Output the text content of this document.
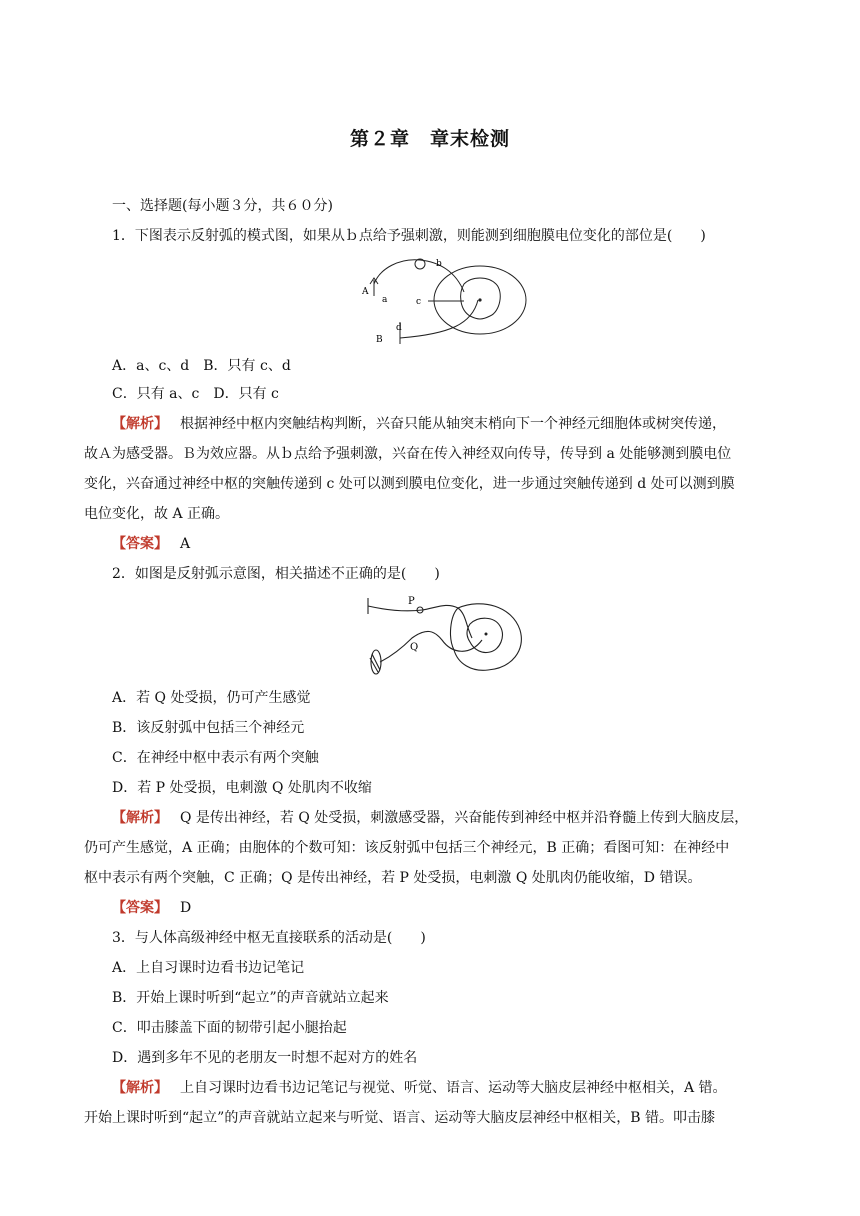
第２章　章末检测
一、选择题(每小题３分，共６０分)
1．下图表示反射弧的模式图，如果从ｂ点给予强刺激，则能测到细胞膜电位变化的部位是(　　)
A
a
b
c
d
B
A．a、c、d　B．只有 c、d
C．只有 a、c　D．只有 c
【解析】 根据神经中枢内突触结构判断，兴奋只能从轴突末梢向下一个神经元细胞体或树突传递，
故Ａ为感受器。Ｂ为效应器。从ｂ点给予强刺激，兴奋在传入神经双向传导，传导到 a 处能够测到膜电位
变化，兴奋通过神经中枢的突触传递到 c 处可以测到膜电位变化，进一步通过突触传递到 d 处可以测到膜
电位变化，故 A 正确。
【答案】 A
2．如图是反射弧示意图，相关描述不正确的是(　　)
P
Q
A．若 Q 处受损，仍可产生感觉
B．该反射弧中包括三个神经元
C．在神经中枢中表示有两个突触
D．若 P 处受损，电刺激 Q 处肌肉不收缩
【解析】 Q 是传出神经，若 Q 处受损，刺激感受器，兴奋能传到神经中枢并沿脊髓上传到大脑皮层，
仍可产生感觉，A 正确；由胞体的个数可知：该反射弧中包括三个神经元，B 正确；看图可知：在神经中
枢中表示有两个突触，C 正确；Q 是传出神经，若 P 处受损，电刺激 Q 处肌肉仍能收缩，D 错误。
【答案】 D
3．与人体高级神经中枢无直接联系的活动是(　　)
A．上自习课时边看书边记笔记
B．开始上课时听到“起立”的声音就站立起来
C．叩击膝盖下面的韧带引起小腿抬起
D．遇到多年不见的老朋友一时想不起对方的姓名
【解析】 上自习课时边看书边记笔记与视觉、听觉、语言、运动等大脑皮层神经中枢相关，A 错。
开始上课时听到“起立”的声音就站立起来与听觉、语言、运动等大脑皮层神经中枢相关，B 错。叩击膝
